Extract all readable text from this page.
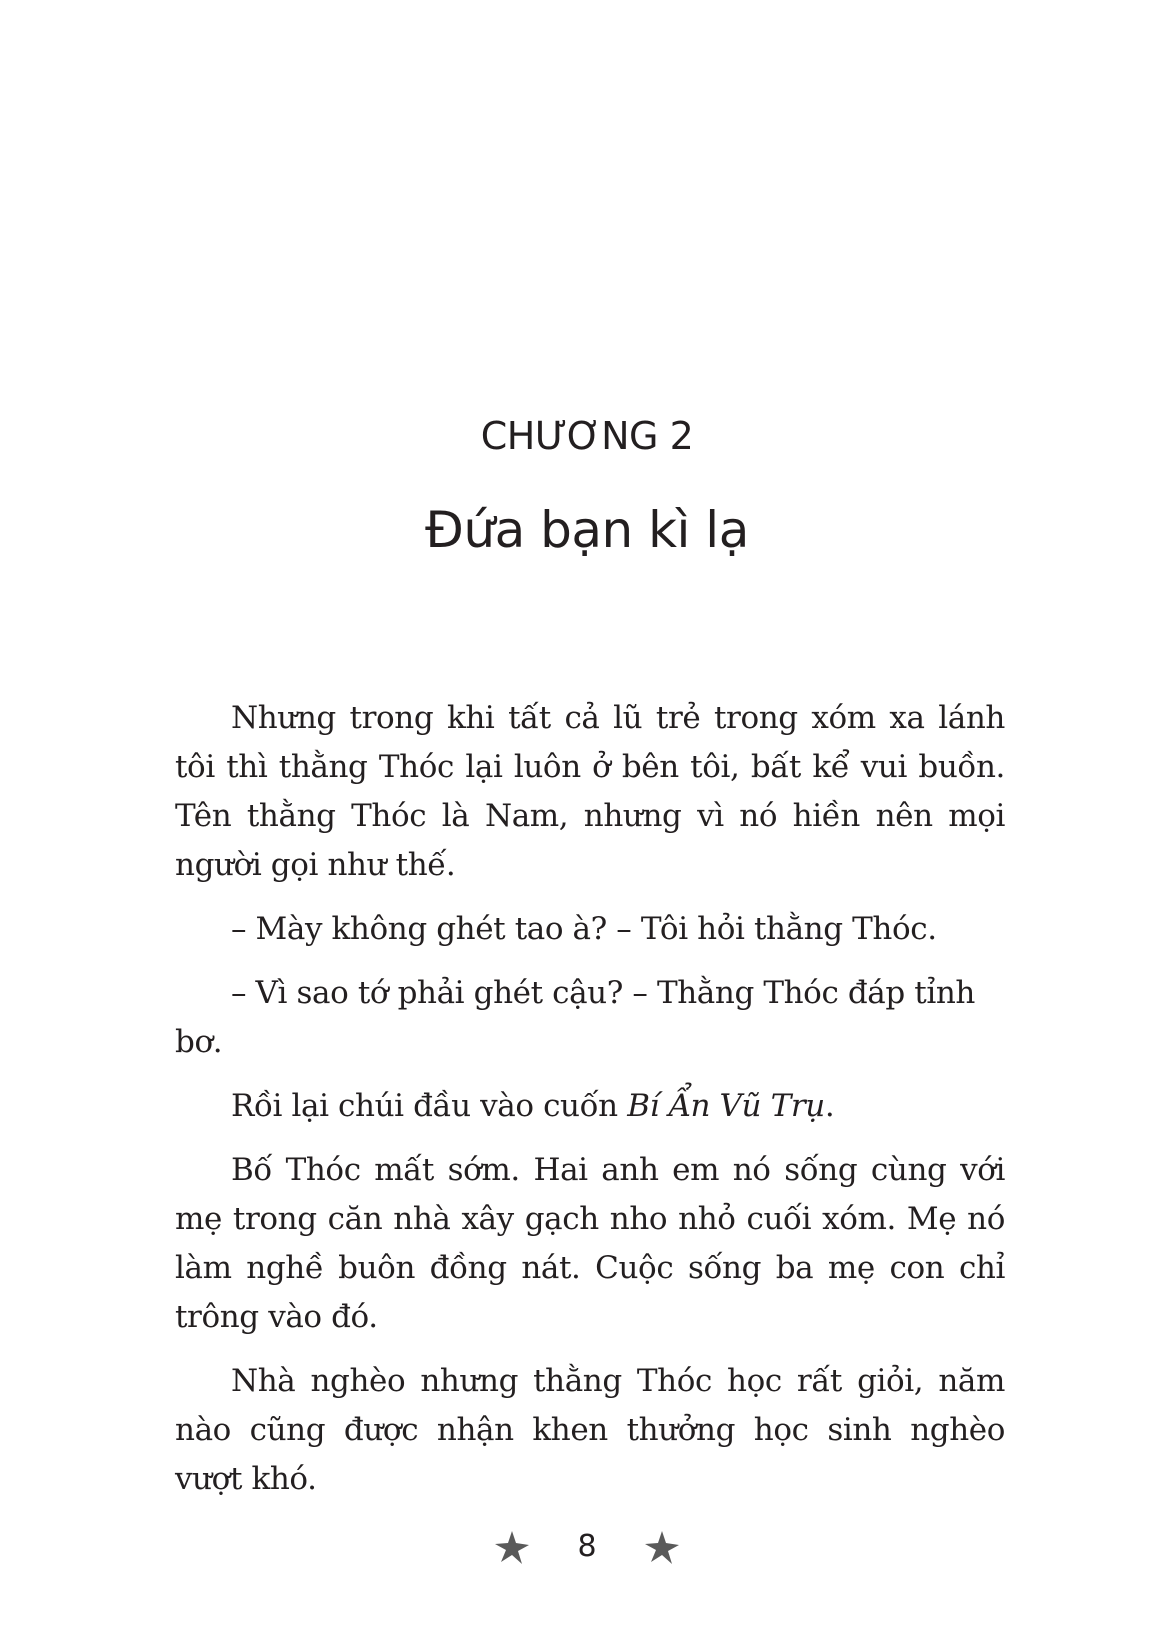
CHƯƠNG 2
Đứa bạn kì lạ

Nhưng trong khi tất cả lũ trẻ trong xóm xa lánh tôi thì thằng Thóc lại luôn ở bên tôi, bất kể vui buồn. Tên thằng Thóc là Nam, nhưng vì nó hiền nên mọi người gọi như thế.

– Mày không ghét tao à? – Tôi hỏi thằng Thóc.

– Vì sao tớ phải ghét cậu? – Thằng Thóc đáp tỉnh bơ.

Rồi lại chúi đầu vào cuốn Bí Ẩn Vũ Trụ.

Bố Thóc mất sớm. Hai anh em nó sống cùng với mẹ trong căn nhà xây gạch nho nhỏ cuối xóm. Mẹ nó làm nghề buôn đồng nát. Cuộc sống ba mẹ con chỉ trông vào đó.

Nhà nghèo nhưng thằng Thóc học rất giỏi, năm nào cũng được nhận khen thưởng học sinh nghèo vượt khó.

8
